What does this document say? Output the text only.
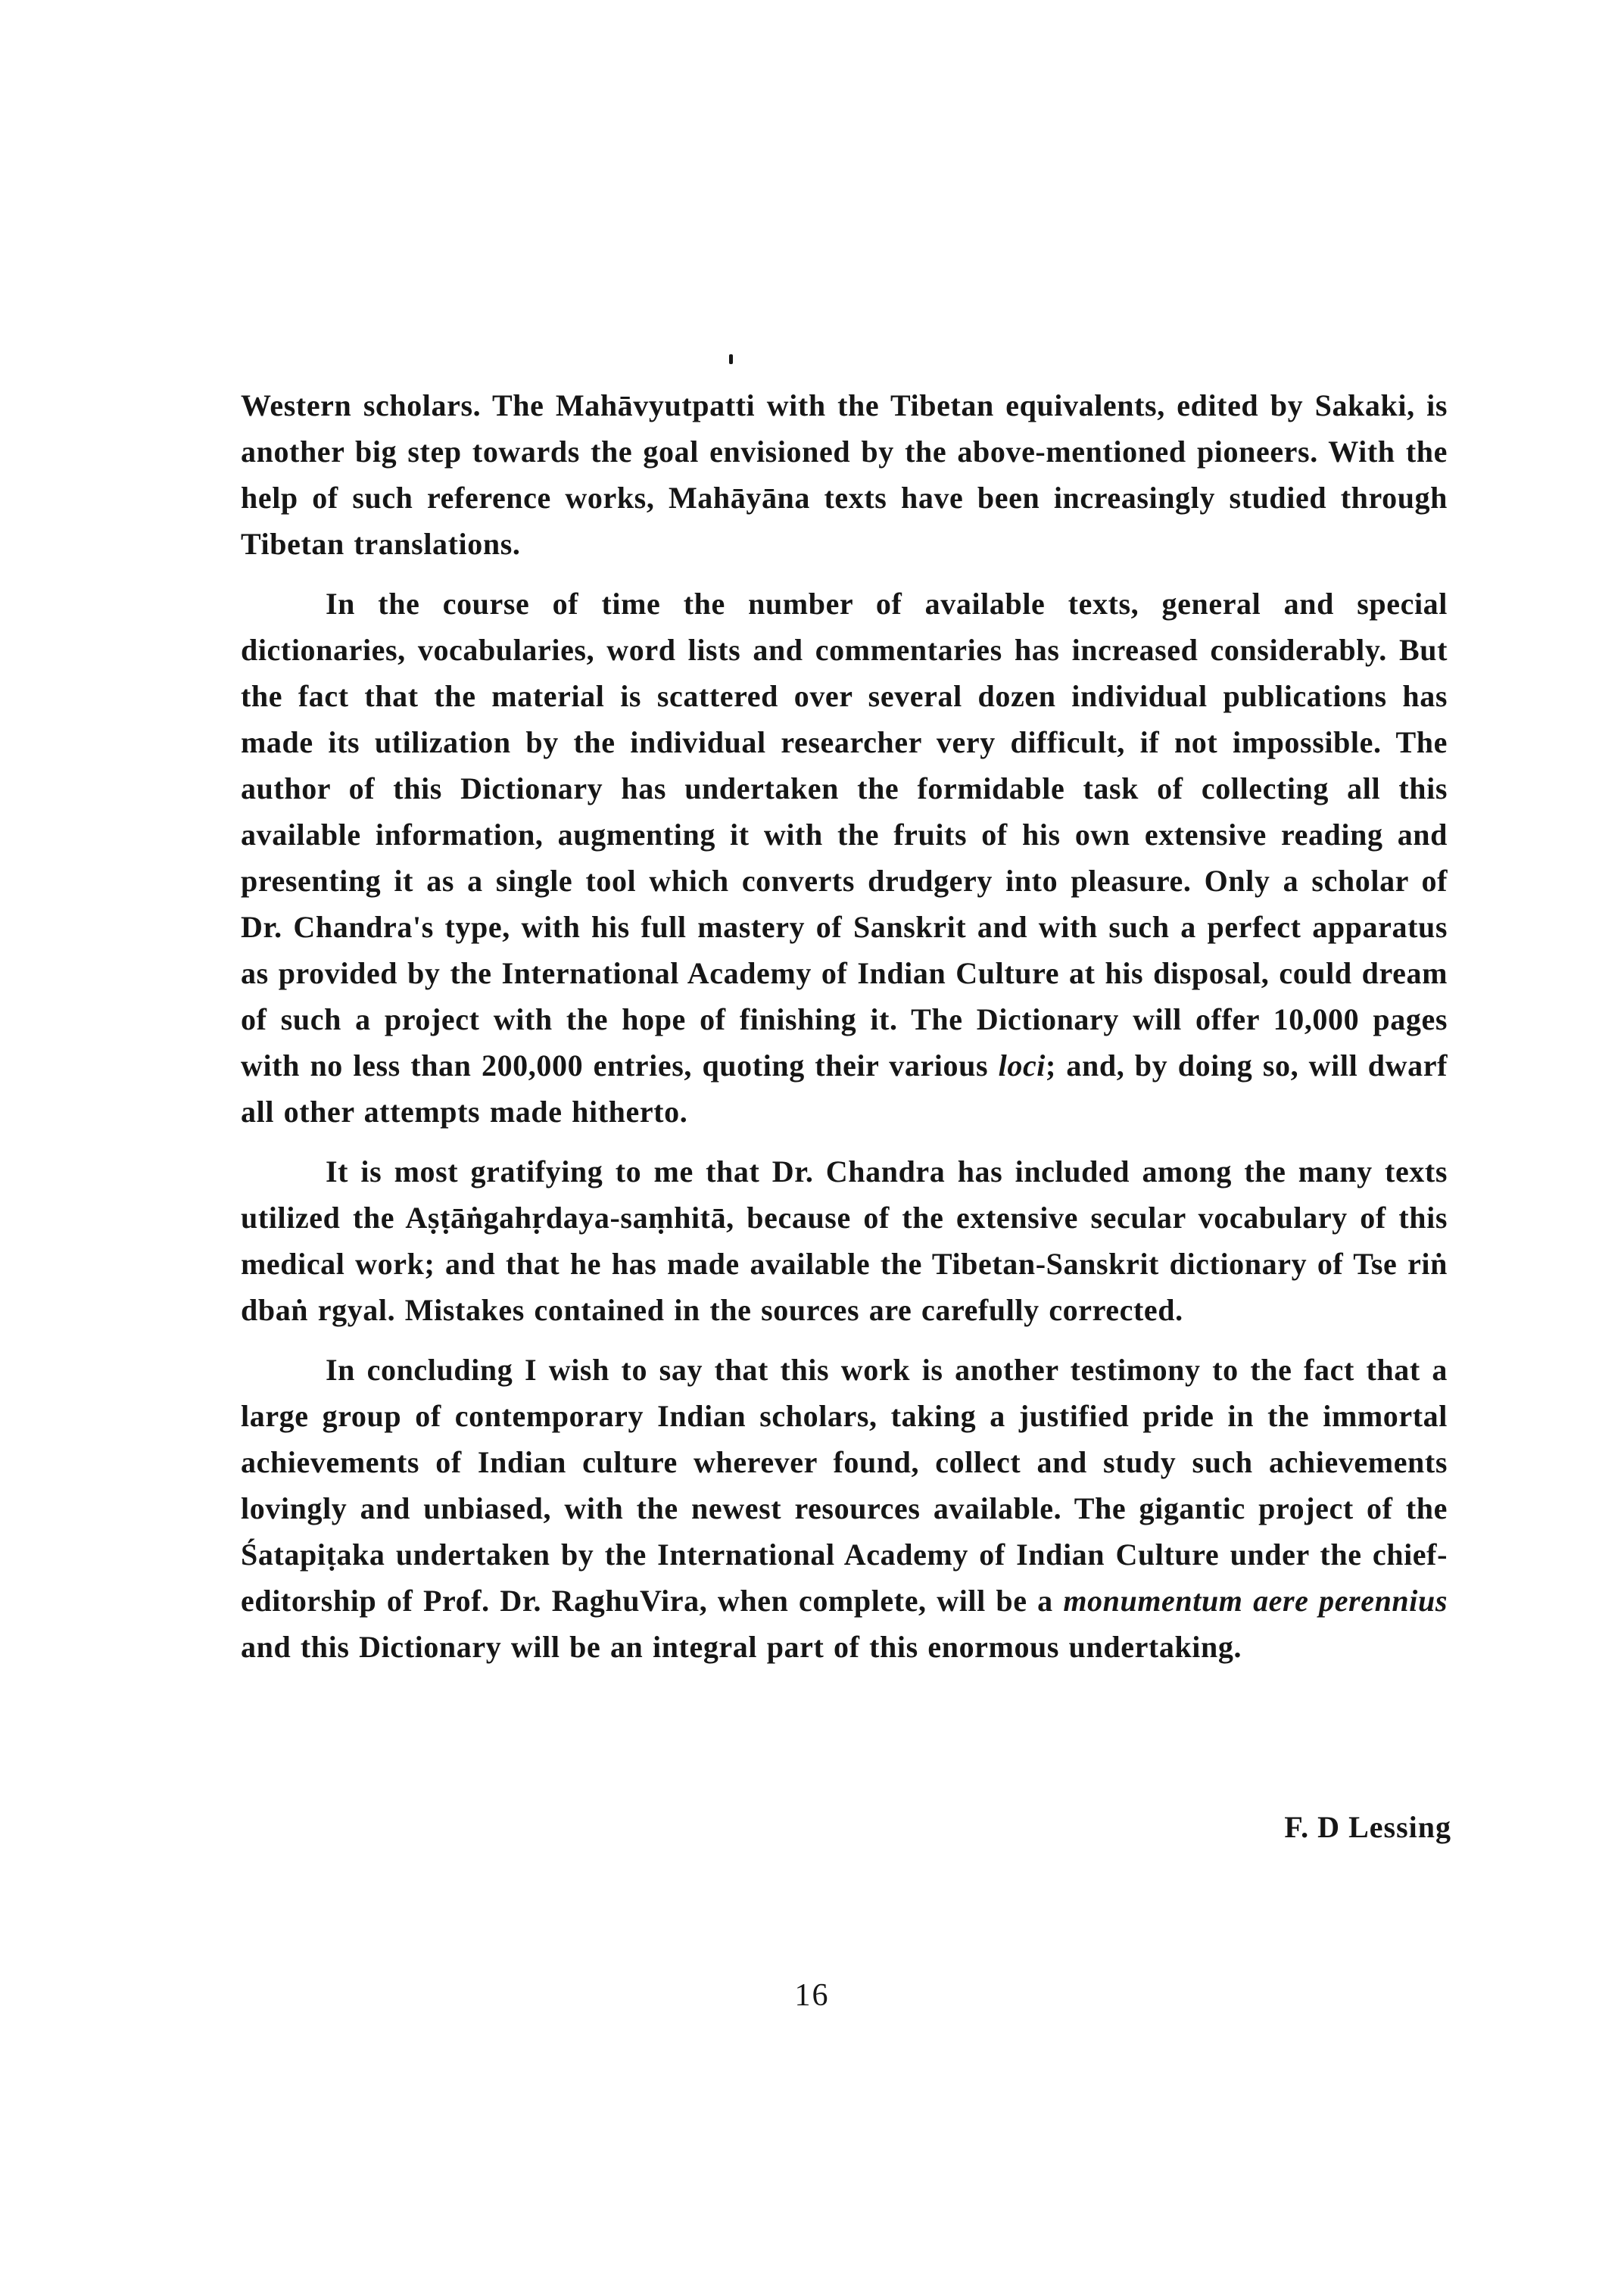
Western scholars. The Mahāvyutpatti with the Tibetan equivalents, edited by Sakaki, is another big step towards the goal envisioned by the above-mentioned pioneers. With the help of such reference works, Mahāyāna texts have been increasingly studied through Tibetan translations.

In the course of time the number of available texts, general and special dictionaries, vocabularies, word lists and commentaries has increased considerably. But the fact that the material is scattered over several dozen individual publications has made its utilization by the individual researcher very difficult, if not impossible. The author of this Dictionary has undertaken the formidable task of collecting all this available information, augmenting it with the fruits of his own extensive reading and presenting it as a single tool which converts drudgery into pleasure. Only a scholar of Dr. Chandra's type, with his full mastery of Sanskrit and with such a perfect apparatus as provided by the International Academy of Indian Culture at his disposal, could dream of such a project with the hope of finishing it. The Dictionary will offer 10,000 pages with no less than 200,000 entries, quoting their various loci; and, by doing so, will dwarf all other attempts made hitherto.

It is most gratifying to me that Dr. Chandra has included among the many texts utilized the Aṣṭāṅgahṛdaya-saṃhitā, because of the extensive secular vocabulary of this medical work; and that he has made available the Tibetan-Sanskrit dictionary of Tse riṅ dbaṅ rgyal. Mistakes contained in the sources are carefully corrected.

In concluding I wish to say that this work is another testimony to the fact that a large group of contemporary Indian scholars, taking a justified pride in the immortal achievements of Indian culture wherever found, collect and study such achievements lovingly and unbiased, with the newest resources available. The gigantic project of the Śatapiṭaka undertaken by the International Academy of Indian Culture under the chief-editorship of Prof. Dr. RaghuVira, when complete, will be a monumentum aere perennius and this Dictionary will be an integral part of this enormous undertaking.

F. D Lessing
16
